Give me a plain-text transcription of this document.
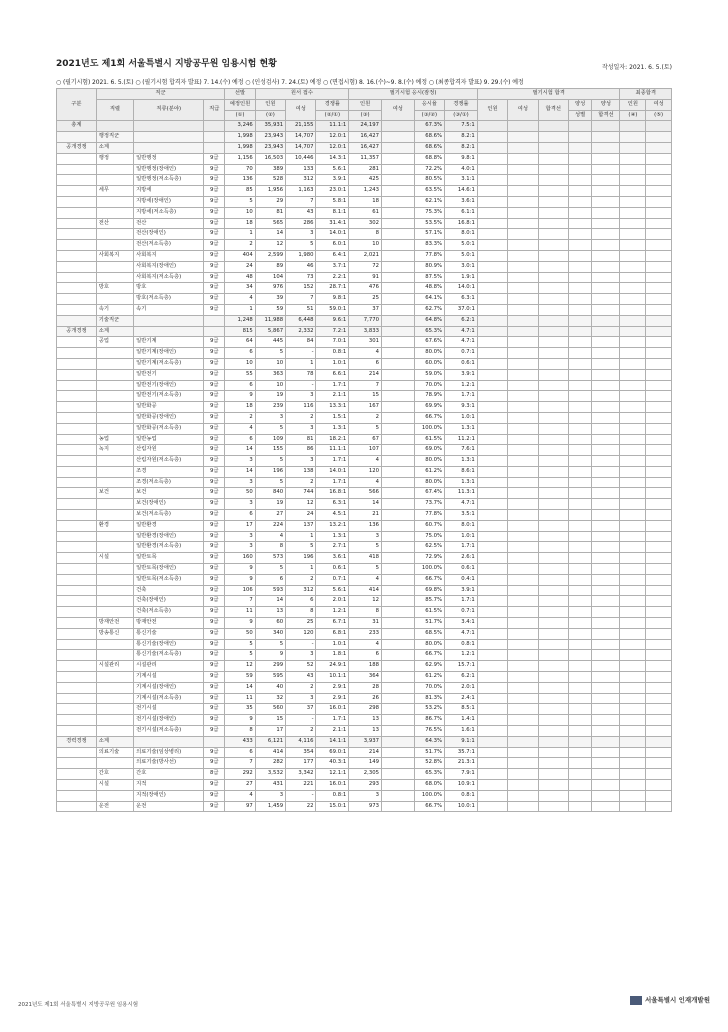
2021년도 제1회 서울특별시 지방공무원 임용시험 현황	작성일자: 2021. 6. 5.(토)
○ (필기시험) 2021. 6. 5.(토) ○ (필기시험 합격자 발표) 7. 14.(수) 예정 ○ (인성검사) 7. 24.(토) 예정 ○ (면접시험) 8. 16.(수)~9. 8.(수) 예정 ○ (최종합격자 발표) 9. 29.(수) 예정
구분	직군			선발	원서 접수			필기시험 응시(잠정)				필기시험 합격					최종합격	
	직렬	직류(분야)	직급	예정인원	인원	여성	경쟁률	인원	여성	응시율	경쟁률	인원	여성	합격선	양성	양성	인원	여성
				(①)	(②)		(②/①)	(③)		(③/②)	(③/①)				성별	합격선	(④)	(⑤)
총계				3,246	35,931	21,155	11.1:1	24,197		67.3%	7.5:1							
	행정직군			1,998	23,943	14,707	12.0:1	16,427		68.6%	8.2:1							
공개경쟁	소계			1,998	23,943	14,707	12.0:1	16,427		68.6%	8.2:1							
	행정	일반행정	9급	1,156	16,503	10,446	14.3:1	11,357		68.8%	9.8:1							
		일반행정(장애인)	9급	70	389	133	5.6:1	281		72.2%	4.0:1							
		일반행정(저소득층)	9급	136	528	312	3.9:1	425		80.5%	3.1:1							
	세무	지방세	9급	85	1,956	1,163	23.0:1	1,243		63.5%	14.6:1							
		지방세(장애인)	9급	5	29	7	5.8:1	18		62.1%	3.6:1							
		지방세(저소득층)	9급	10	81	43	8.1:1	61		75.3%	6.1:1							
	전산	전산	9급	18	565	286	31.4:1	302		53.5%	16.8:1							
		전산(장애인)	9급	1	14	3	14.0:1	8		57.1%	8.0:1							
		전산(저소득층)	9급	2	12	5	6.0:1	10		83.3%	5.0:1							
	사회복지	사회복지	9급	404	2,599	1,980	6.4:1	2,021		77.8%	5.0:1							
		사회복지(장애인)	9급	24	89	46	3.7:1	72		80.9%	3.0:1							
		사회복지(저소득층)	9급	48	104	73	2.2:1	91		87.5%	1.9:1							
	방호	방호	9급	34	976	152	28.7:1	476		48.8%	14.0:1							
		방호(저소득층)	9급	4	39	7	9.8:1	25		64.1%	6.3:1							
	속기	속기	9급	1	59	51	59.0:1	37		62.7%	37.0:1							
	기술직군			1,248	11,988	6,448	9.6:1	7,770		64.8%	6.2:1							
공개경쟁	소계			815	5,867	2,332	7.2:1	3,833		65.3%	4.7:1							
	공업	일반기계	9급	64	445	84	7.0:1	301		67.6%	4.7:1							
		일반기계(장애인)	9급	6	5	-	0.8:1	4		80.0%	0.7:1							
		일반기계(저소득층)	9급	10	10	1	1.0:1	6		60.0%	0.6:1							
		일반전기	9급	55	363	78	6.6:1	214		59.0%	3.9:1							
		일반전기(장애인)	9급	6	10	-	1.7:1	7		70.0%	1.2:1							
		일반전기(저소득층)	9급	9	19	3	2.1:1	15		78.9%	1.7:1							
		일반화공	9급	18	239	116	13.3:1	167		69.9%	9.3:1							
		일반화공(장애인)	9급	2	3	2	1.5:1	2		66.7%	1.0:1							
		일반화공(저소득층)	9급	4	5	3	1.3:1	5		100.0%	1.3:1							
	농업	일반농업	9급	6	109	81	18.2:1	67		61.5%	11.2:1							
	녹지	산림자원	9급	14	155	86	11.1:1	107		69.0%	7.6:1							
		산림자원(저소득층)	9급	3	5	3	1.7:1	4		80.0%	1.3:1							
		조경	9급	14	196	138	14.0:1	120		61.2%	8.6:1							
		조경(저소득층)	9급	3	5	2	1.7:1	4		80.0%	1.3:1							
	보건	보건	9급	50	840	744	16.8:1	566		67.4%	11.3:1							
		보건(장애인)	9급	3	19	12	6.3:1	14		73.7%	4.7:1							
		보건(저소득층)	9급	6	27	24	4.5:1	21		77.8%	3.5:1							
	환경	일반환경	9급	17	224	137	13.2:1	136		60.7%	8.0:1							
		일반환경(장애인)	9급	3	4	1	1.3:1	3		75.0%	1.0:1							
		일반환경(저소득층)	9급	3	8	5	2.7:1	5		62.5%	1.7:1							
	시설	일반토목	9급	160	573	196	3.6:1	418		72.9%	2.6:1							
		일반토목(장애인)	9급	9	5	1	0.6:1	5		100.0%	0.6:1							
		일반토목(저소득층)	9급	9	6	2	0.7:1	4		66.7%	0.4:1							
		건축	9급	106	593	312	5.6:1	414		69.8%	3.9:1							
		건축(장애인)	9급	7	14	6	2.0:1	12		85.7%	1.7:1							
		건축(저소득층)	9급	11	13	8	1.2:1	8		61.5%	0.7:1							
	방재안전	방재안전	9급	9	60	25	6.7:1	31		51.7%	3.4:1							
	방송통신	통신기술	9급	50	340	120	6.8:1	233		68.5%	4.7:1							
		통신기술(장애인)	9급	5	5	-	1.0:1	4		80.0%	0.8:1							
		통신기술(저소득층)	9급	5	9	3	1.8:1	6		66.7%	1.2:1							
	시설관리	시설관리	9급	12	299	52	24.9:1	188		62.9%	15.7:1							
		기계시설	9급	59	595	43	10.1:1	364		61.2%	6.2:1							
		기계시설(장애인)	9급	14	40	2	2.9:1	28		70.0%	2.0:1							
		기계시설(저소득층)	9급	11	32	3	2.9:1	26		81.3%	2.4:1							
		전기시설	9급	35	560	37	16.0:1	298		53.2%	8.5:1							
		전기시설(장애인)	9급	9	15	-	1.7:1	13		86.7%	1.4:1							
		전기시설(저소득층)	9급	8	17	2	2.1:1	13		76.5%	1.6:1							
경력경쟁	소계			433	6,121	4,116	14.1:1	3,937		64.3%	9.1:1							
	의료기술	의료기술(임상병리)	9급	6	414	354	69.0:1	214		51.7%	35.7:1							
		의료기술(방사선)	9급	7	282	177	40.3:1	149		52.8%	21.3:1							
	간호	간호	8급	292	3,532	3,342	12.1:1	2,305		65.3%	7.9:1							
	시설	지적	9급	27	431	221	16.0:1	293		68.0%	10.9:1							
		지적(장애인)	9급	4	3	-	0.8:1	3		100.0%	0.8:1							
	운전	운전	9급	97	1,459	22	15.0:1	973		66.7%	10.0:1							
2021년도 제1회 서울특별시 지방공무원 임용시험
서울특별시 인재개발원
